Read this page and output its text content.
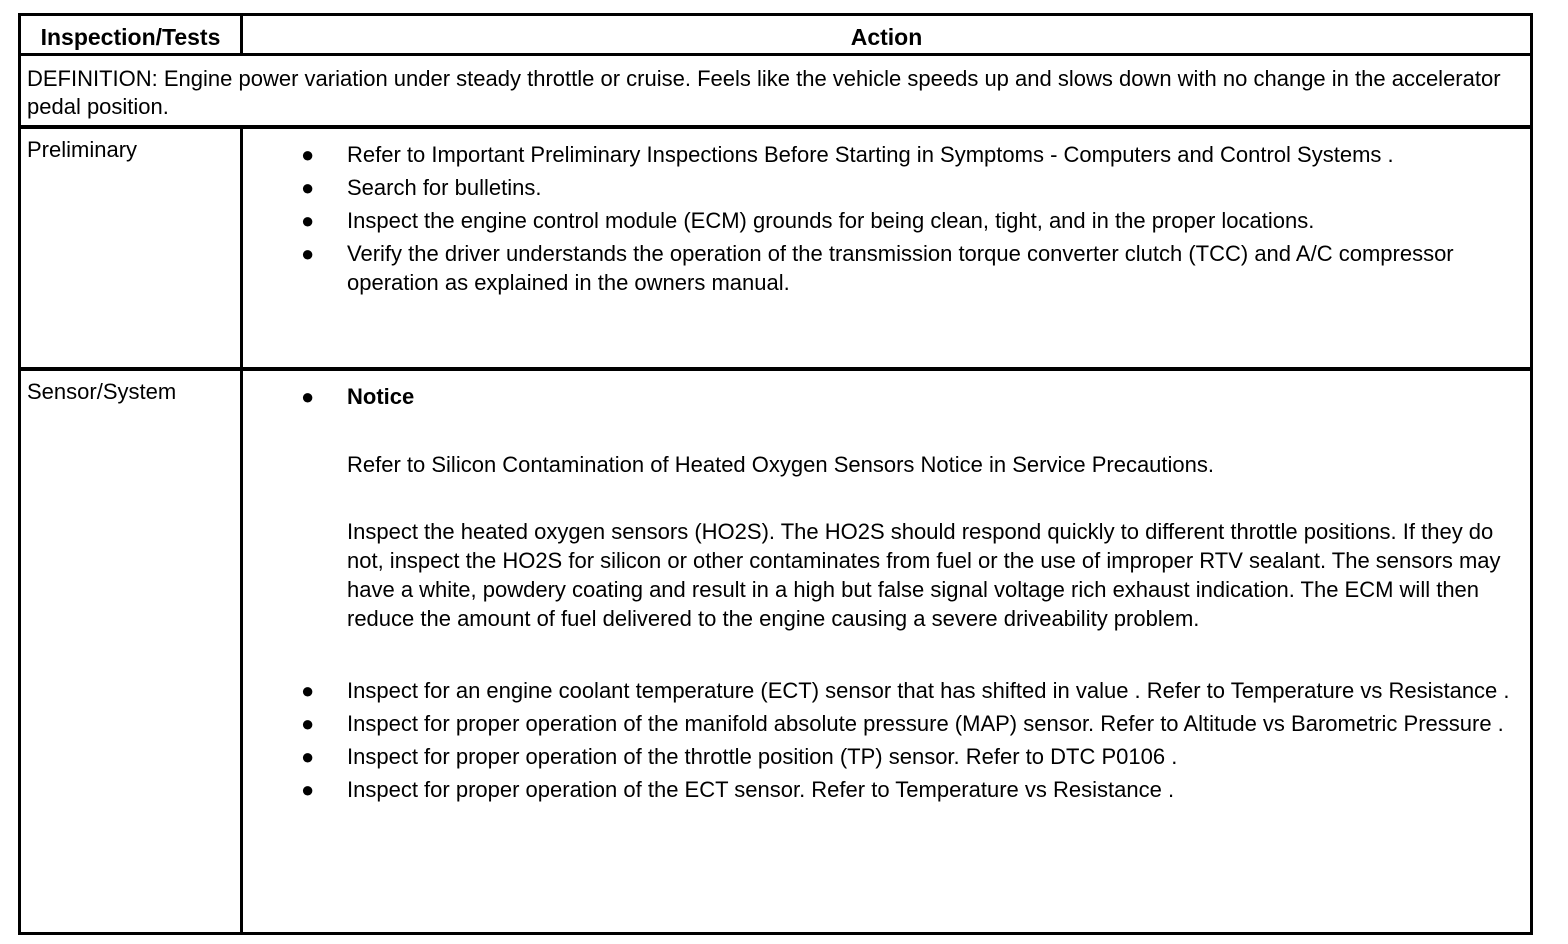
Inspection/Tests	Action
DEFINITION: Engine power variation under steady throttle or cruise. Feels like the vehicle speeds up and slows down with no change in the accelerator pedal position.
Preliminary	● Refer to Important Preliminary Inspections Before Starting in Symptoms - Computers and Control Systems .
● Search for bulletins.
● Inspect the engine control module (ECM) grounds for being clean, tight, and in the proper locations.
● Verify the driver understands the operation of the transmission torque converter clutch (TCC) and A/C compressor operation as explained in the owners manual.
Sensor/System	● Notice

Refer to Silicon Contamination of Heated Oxygen Sensors Notice in Service Precautions.

Inspect the heated oxygen sensors (HO2S). The HO2S should respond quickly to different throttle positions. If they do not, inspect the HO2S for silicon or other contaminates from fuel or the use of improper RTV sealant. The sensors may have a white, powdery coating and result in a high but false signal voltage rich exhaust indication. The ECM will then reduce the amount of fuel delivered to the engine causing a severe driveability problem.

● Inspect for an engine coolant temperature (ECT) sensor that has shifted in value . Refer to Temperature vs Resistance .
● Inspect for proper operation of the manifold absolute pressure (MAP) sensor. Refer to Altitude vs Barometric Pressure .
● Inspect for proper operation of the throttle position (TP) sensor. Refer to DTC P0106 .
● Inspect for proper operation of the ECT sensor. Refer to Temperature vs Resistance .
